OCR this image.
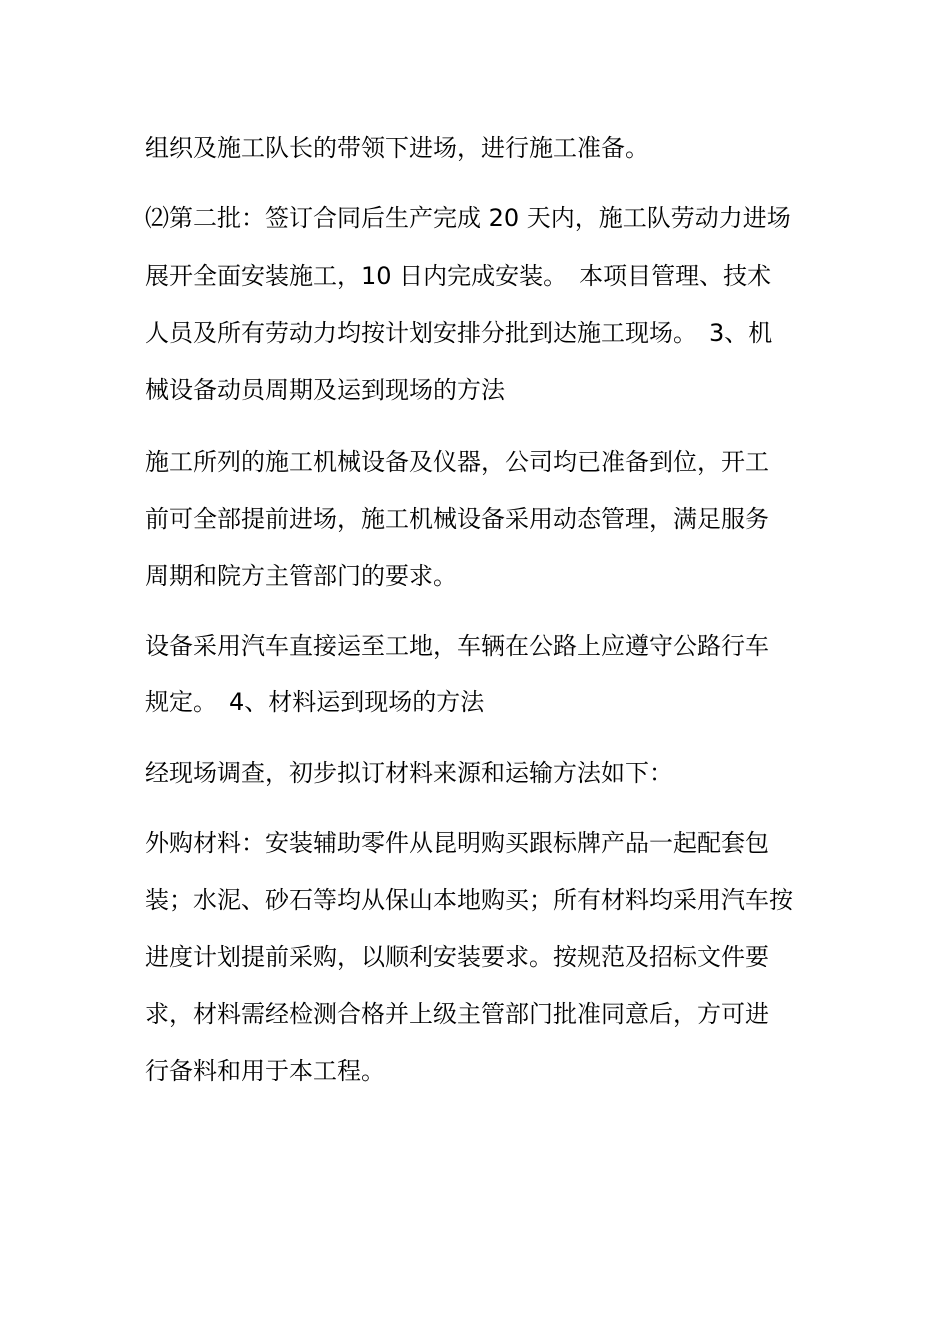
组织及施工队长的带领下进场，进行施工准备。
⑵第二批：签订合同后生产完成 20 天内，施工队劳动力进场
展开全面安装施工，10 日内完成安装。　本项目管理、技术
人员及所有劳动力均按计划安排分批到达施工现场。　3、机
械设备动员周期及运到现场的方法
施工所列的施工机械设备及仪器，公司均已准备到位，开工
前可全部提前进场，施工机械设备采用动态管理，满足服务
周期和院方主管部门的要求。
设备采用汽车直接运至工地，车辆在公路上应遵守公路行车
规定。　4、材料运到现场的方法
经现场调查，初步拟订材料来源和运输方法如下：
外购材料：安装辅助零件从昆明购买跟标牌产品一起配套包
装；水泥、砂石等均从保山本地购买；所有材料均采用汽车按
进度计划提前采购，以顺利安装要求。按规范及招标文件要
求，材料需经检测合格并上级主管部门批准同意后，方可进
行备料和用于本工程。
